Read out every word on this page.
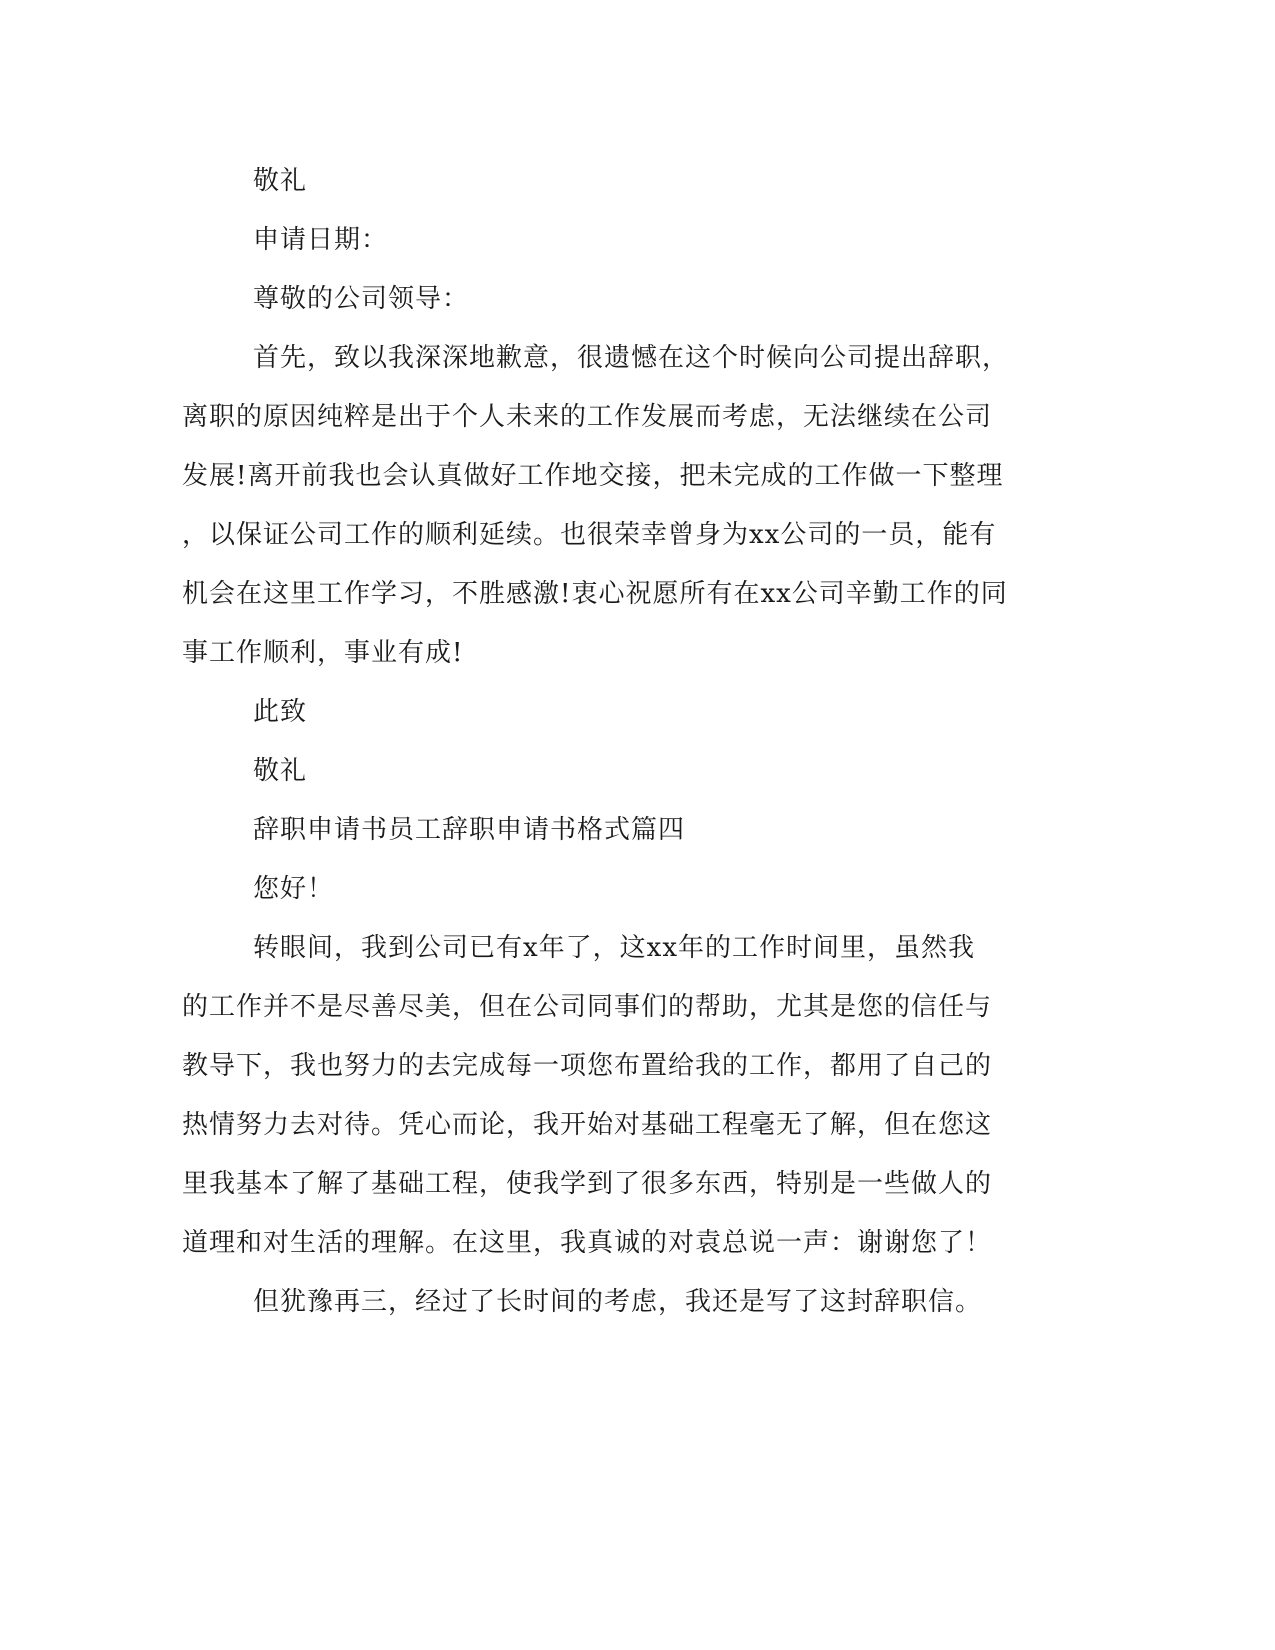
敬礼
申请日期：
尊敬的公司领导：
首先，致以我深深地歉意，很遗憾在这个时候向公司提出辞职，
离职的原因纯粹是出于个人未来的工作发展而考虑，无法继续在公司
发展!离开前我也会认真做好工作地交接，把未完成的工作做一下整理
，以保证公司工作的顺利延续。也很荣幸曾身为xx公司的一员，能有
机会在这里工作学习，不胜感激!衷心祝愿所有在xx公司辛勤工作的同
事工作顺利，事业有成!
此致
敬礼
辞职申请书员工辞职申请书格式篇四
您好！
转眼间，我到公司已有x年了，这xx年的工作时间里，虽然我
的工作并不是尽善尽美，但在公司同事们的帮助，尤其是您的信任与
教导下，我也努力的去完成每一项您布置给我的工作，都用了自己的
热情努力去对待。凭心而论，我开始对基础工程毫无了解，但在您这
里我基本了解了基础工程，使我学到了很多东西，特别是一些做人的
道理和对生活的理解。在这里，我真诚的对袁总说一声：谢谢您了！
但犹豫再三，经过了长时间的考虑，我还是写了这封辞职信。
